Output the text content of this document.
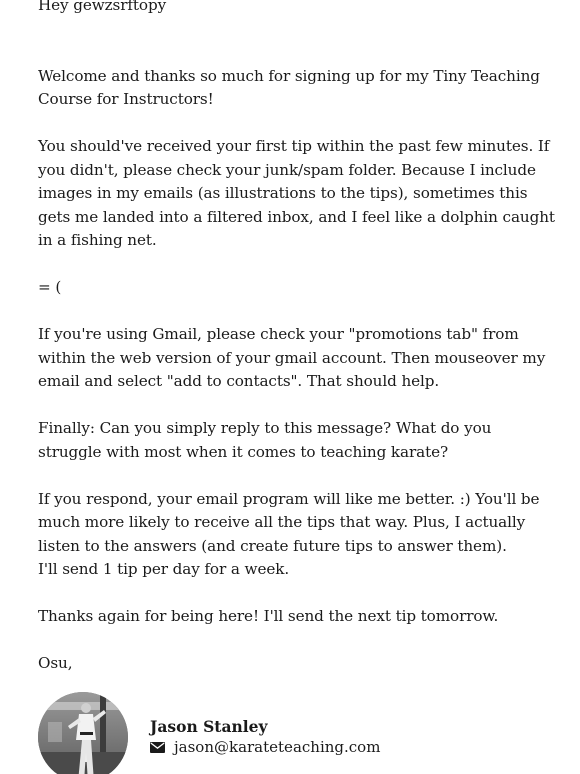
Hey gewzsrftopy

Welcome and thanks so much for signing up for my Tiny Teaching Course for Instructors!

You should've received your first tip within the past few minutes. If you didn't, please check your junk/spam folder. Because I include images in my emails (as illustrations to the tips), sometimes this gets me landed into a filtered inbox, and I feel like a dolphin caught in a fishing net.

= (

If you're using Gmail, please check your "promotions tab" from within the web version of your gmail account. Then mouseover my email and select "add to contacts". That should help.

Finally: Can you simply reply to this message? What do you struggle with most when it comes to teaching karate?

If you respond, your email program will like me better. :) You'll be much more likely to receive all the tips that way. Plus, I actually listen to the answers (and create future tips to answer them).

I'll send 1 tip per day for a week.

Thanks again for being here! I'll send the next tip tomorrow.

Osu,

Jason Stanley

jason@karateteaching.com
